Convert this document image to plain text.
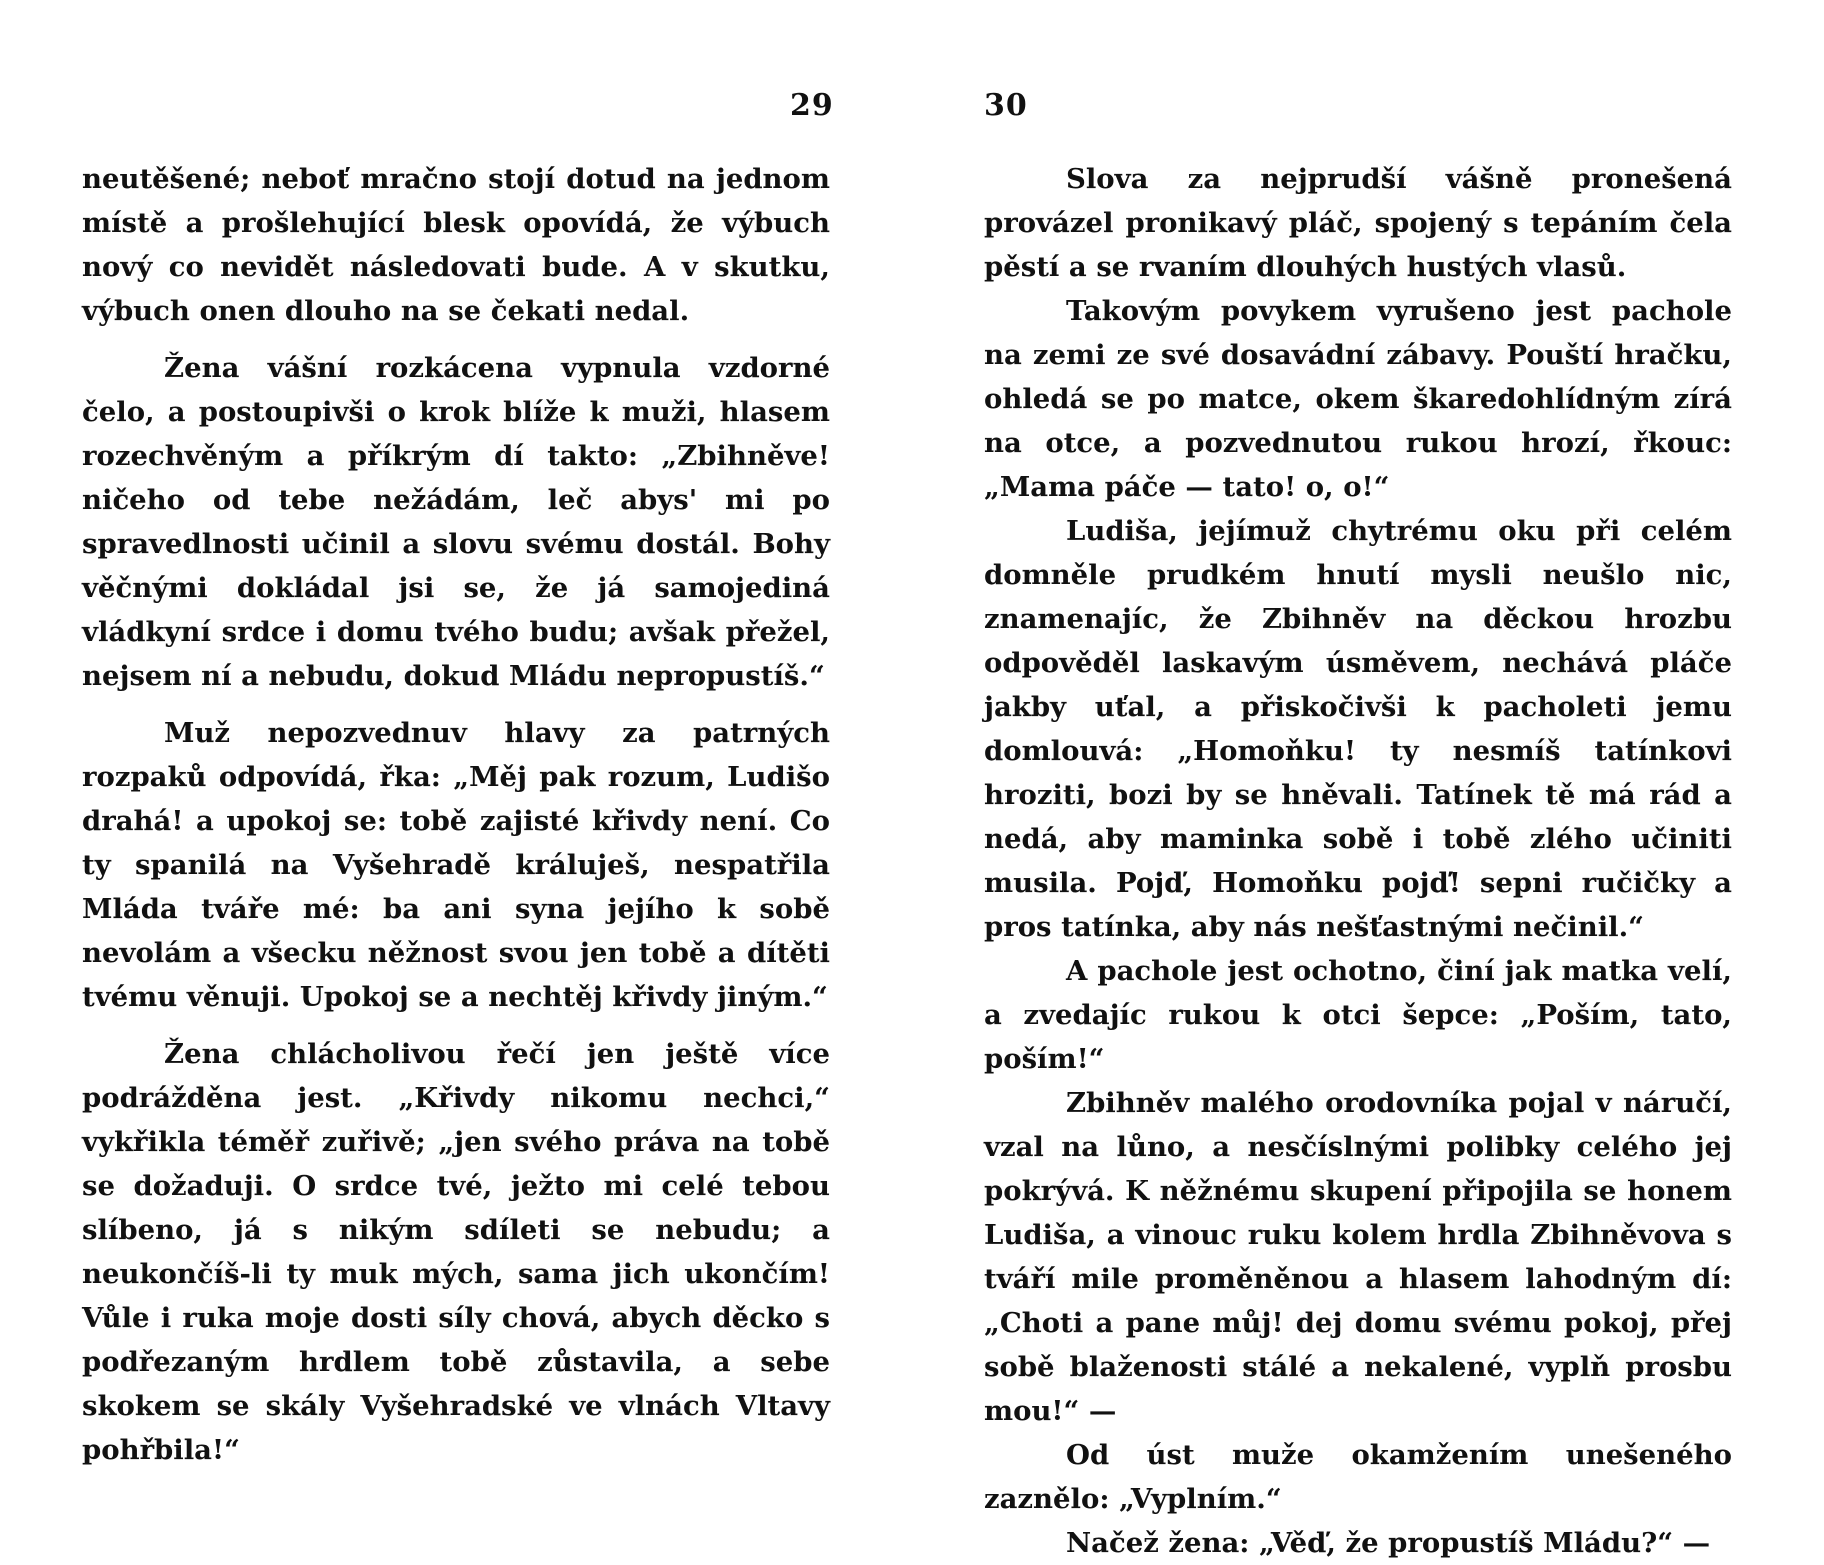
29

neutěšené; neboť mračno stojí dotud na jednom místě a prošlehující blesk opovídá, že výbuch nový co nevidět následovati bude. A v skutku, výbuch onen dlouho na se čekati nedal.

Žena vášní rozkácena vypnula vzdorné čelo, a postoupivši o krok blíže k muži, hlasem rozechvěným a příkrým dí takto: „Zbihněve! ničeho od tebe nežádám, leč abys' mi po spravedlnosti učinil a slovu svému dostál. Bohy věčnými dokládal jsi se, že já samojediná vládkyní srdce i domu tvého budu; avšak přežel, nejsem ní a nebudu, dokud Mládu nepropustíš.“

Muž nepozvednuv hlavy za patrných rozpaků odpovídá, řka: „Měj pak rozum, Ludišo drahá! a upokoj se: tobě zajisté křivdy není. Co ty spanilá na Vyšehradě králuješ, nespatřila Mláda tváře mé: ba ani syna jejího k sobě nevolám a všecku něžnost svou jen tobě a dítěti tvému věnuji. Upokoj se a nechtěj křivdy jiným.“

Žena chlácholivou řečí jen ještě více podrážděna jest. „Křivdy nikomu nechci,“ vykřikla téměř zuřivě; „jen svého práva na tobě se dožaduji. O srdce tvé, ježto mi celé tebou slíbeno, já s nikým sdíleti se nebudu; a neukončíš-li ty muk mých, sama jich ukončím! Vůle i ruka moje dosti síly chová, abych děcko s podřezaným hrdlem tobě zůstavila, a sebe skokem se skály Vyšehradské ve vlnách Vltavy pohřbila!“

30

Slova za nejprudší vášně pronešená provázel pronikavý pláč, spojený s tepáním čela pěstí a se rvaním dlouhých hustých vlasů.

Takovým povykem vyrušeno jest pachole na zemi ze své dosavádní zábavy. Pouští hračku, ohledá se po matce, okem škaredohlídným zírá na otce, a pozvednutou rukou hrozí, řkouc: „Mama páče — tato! o, o!“

Ludiša, jejímuž chytrému oku při celém domněle prudkém hnutí mysli neušlo nic, znamenajíc, že Zbihněv na děckou hrozbu odpověděl laskavým úsměvem, nechává pláče jakby uťal, a přiskočivši k pacholeti jemu domlouvá: „Homoňku! ty nesmíš tatínkovi hroziti, bozi by se hněvali. Tatínek tě má rád a nedá, aby maminka sobě i tobě zlého učiniti musila. Pojď, Homoňku pojď! sepni ručičky a pros tatínka, aby nás nešťastnými nečinil.“

A pachole jest ochotno, činí jak matka velí, a zvedajíc rukou k otci šepce: „Poším, tato, poším!“

Zbihněv malého orodovníka pojal v náručí, vzal na lůno, a nesčíslnými polibky celého jej pokrývá. K něžnému skupení připojila se honem Ludiša, a vinouc ruku kolem hrdla Zbihněvova s tváří mile proměněnou a hlasem lahodným dí: „Choti a pane můj! dej domu svému pokoj, přej sobě blaženosti stálé a nekalené, vyplň prosbu mou!“ —

Od úst muže okamžením unešeného zaznělo: „Vyplním.“

Načež žena: „Věď, že propustíš Mládu?“ —
